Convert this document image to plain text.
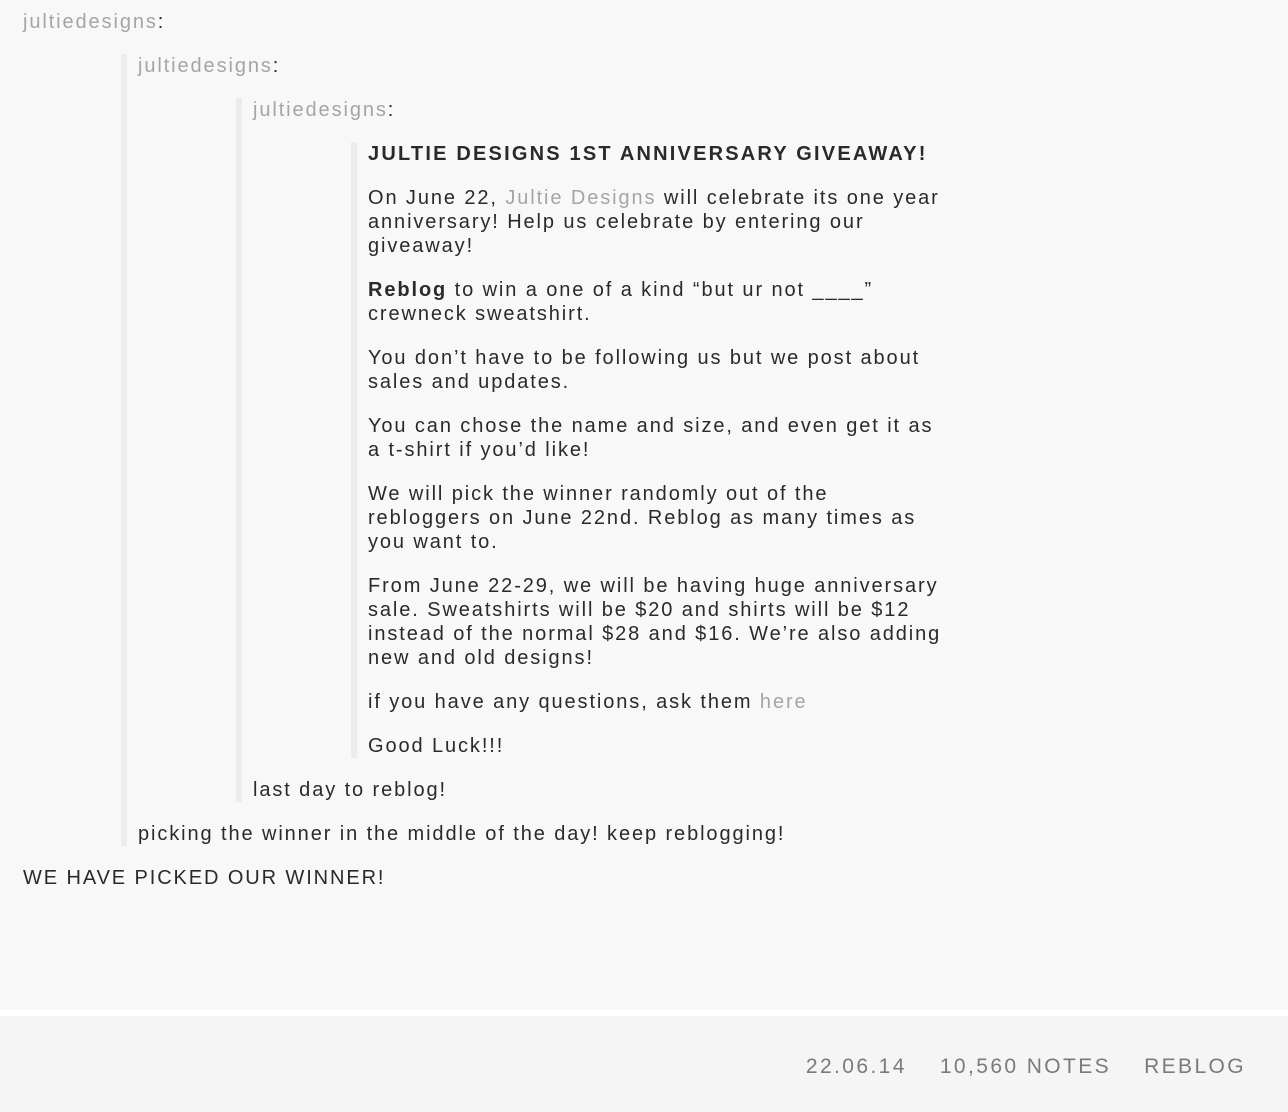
jultiedesigns:
jultiedesigns:
jultiedesigns:

JULTIE DESIGNS 1ST ANNIVERSARY GIVEAWAY!

On June 22, Jultie Designs will celebrate its one year anniversary! Help us celebrate by entering our giveaway!

Reblog to win a one of a kind “but ur not ____” crewneck sweatshirt.

You don’t have to be following us but we post about sales and updates.

You can chose the name and size, and even get it as a t-shirt if you’d like!

We will pick the winner randomly out of the rebloggers on June 22nd. Reblog as many times as you want to.

From June 22-29, we will be having huge anniversary sale. Sweatshirts will be $20 and shirts will be $12 instead of the normal $28 and $16. We’re also adding new and old designs!

if you have any questions, ask them here

Good Luck!!!

last day to reblog!
picking the winner in the middle of the day! keep reblogging!
WE HAVE PICKED OUR WINNER!
22.06.14 10,560 NOTES REBLOG
